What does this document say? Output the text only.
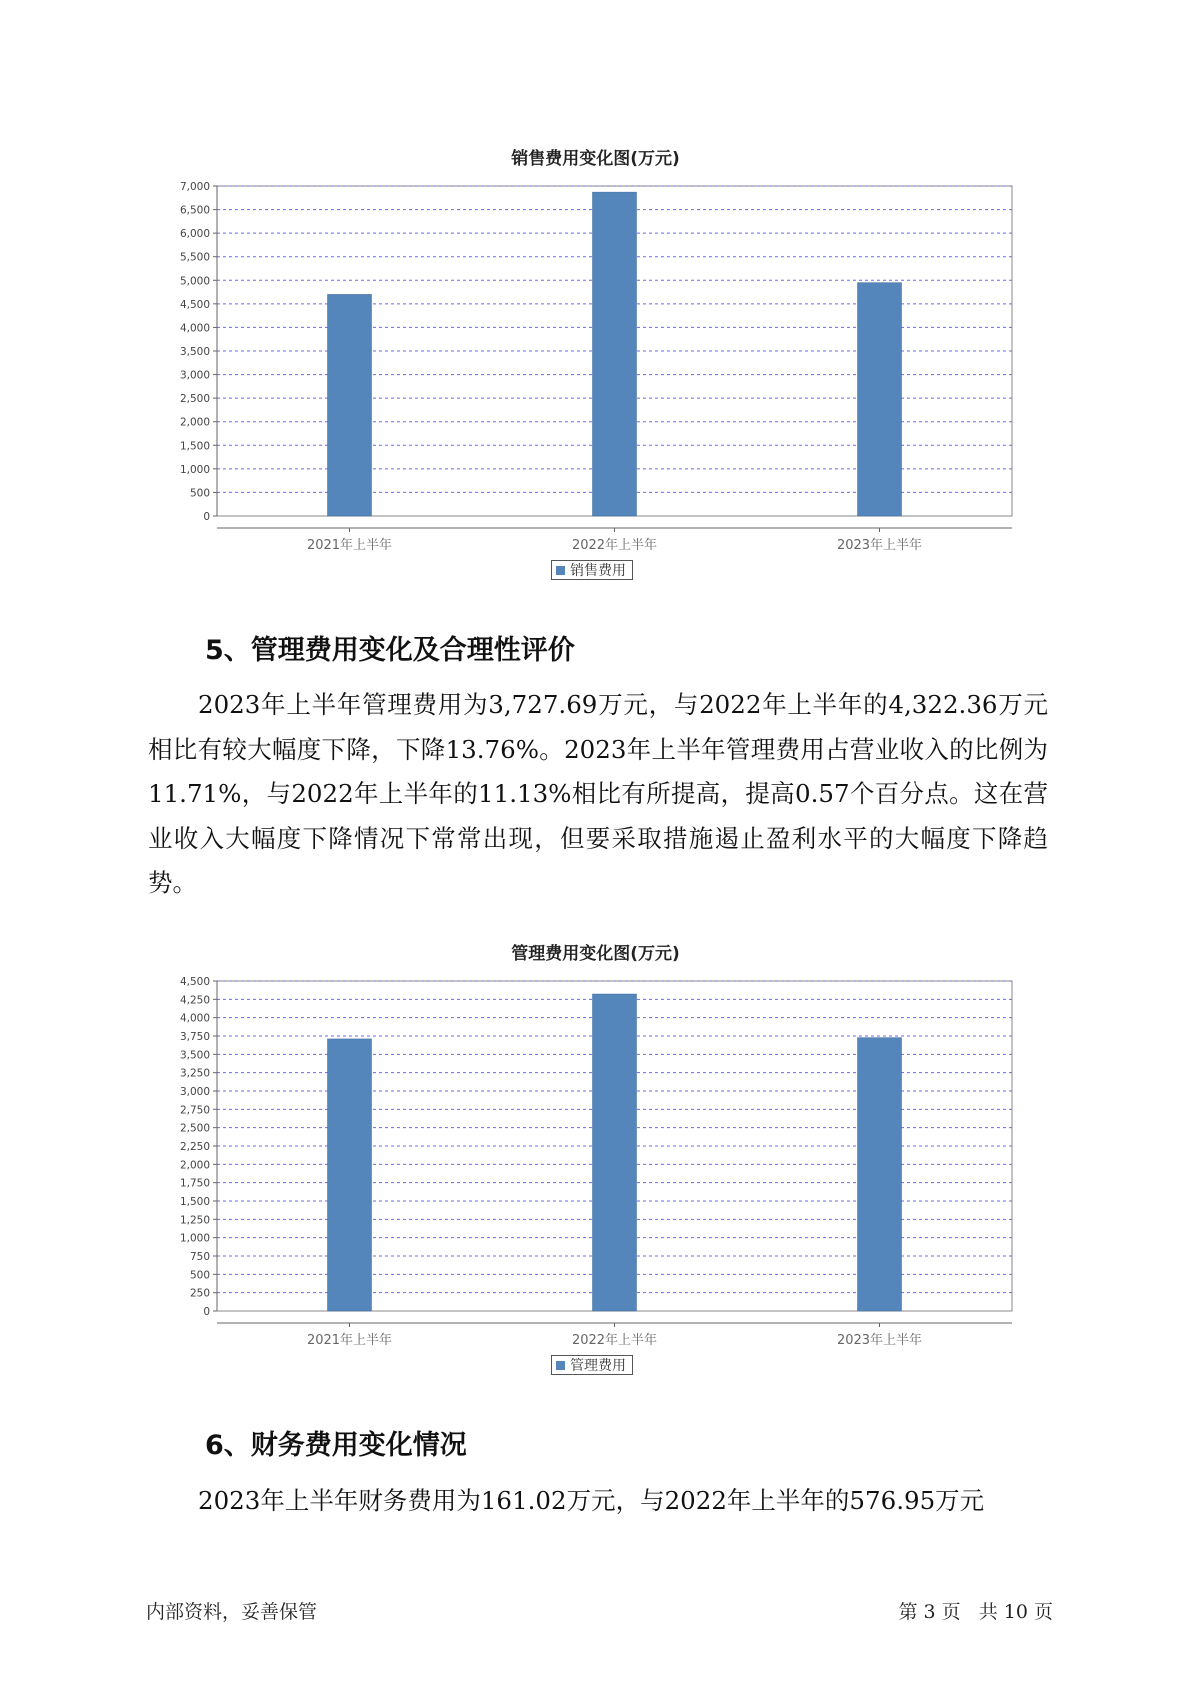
销售费用变化图(万元)
0
500
1,000
1,500
2,000
2,500
3,000
3,500
4,000
4,500
5,000
5,500
6,000
6,500
7,000
2021年上半年	2022年上半年	2023年上半年
销售费用
5、管理费用变化及合理性评价

2023年上半年管理费用为3,727.69万元，与2022年上半年的4,322.36万元相比有较大幅度下降，下降13.76%。2023年上半年管理费用占营业收入的比例为11.71%，与2022年上半年的11.13%相比有所提高，提高0.57个百分点。这在营业收入大幅度下降情况下常常出现，但要采取措施遏止盈利水平的大幅度下降趋势。

管理费用变化图(万元)
0
250
500
750
1,000
1,250
1,500
1,750
2,000
2,250
2,500
2,750
3,000
3,250
3,500
3,750
4,000
4,250
4,500
2021年上半年	2022年上半年	2023年上半年
管理费用
6、财务费用变化情况

2023年上半年财务费用为161.02万元，与2022年上半年的576.95万元

内部资料，妥善保管	第 3 页   共 10 页
